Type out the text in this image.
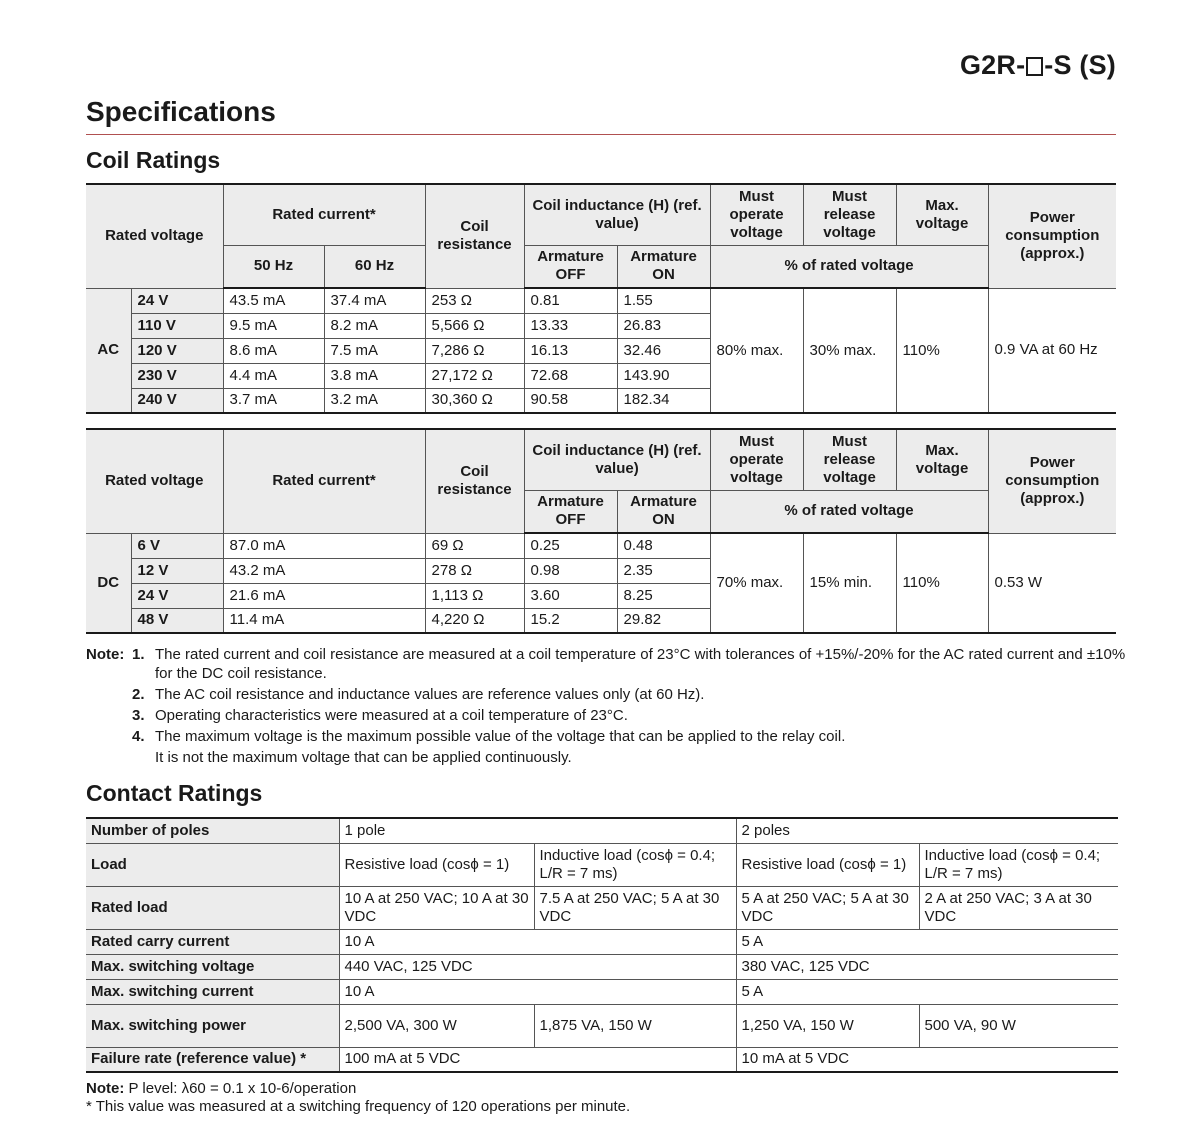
G2R- -S (S)
Specifications
Coil Ratings
Rated voltage		Rated current*		Coil resistance	Coil inductance (H) (ref. value)		Must operate voltage	Must release voltage	Max. voltage	Power consumption (approx.)
		50 Hz	60 Hz		Armature OFF	Armature ON	% of rated voltage			
AC	24 V	43.5 mA	37.4 mA	253 Ω	0.81	1.55	80% max.	30% max.	110%	0.9 VA at 60 Hz
	110 V	9.5 mA	8.2 mA	5,566 Ω	13.33	26.83				
	120 V	8.6 mA	7.5 mA	7,286 Ω	16.13	32.46				
	230 V	4.4 mA	3.8 mA	27,172 Ω	72.68	143.90				
	240 V	3.7 mA	3.2 mA	30,360 Ω	90.58	182.34				
Rated voltage		Rated current*	Coil resistance	Coil inductance (H) (ref. value)		Must operate voltage	Must release voltage	Max. voltage	Power consumption (approx.)
				Armature OFF	Armature ON	% of rated voltage			
DC	6 V	87.0 mA	69 Ω	0.25	0.48	70% max.	15% min.	110%	0.53 W
	12 V	43.2 mA	278 Ω	0.98	2.35				
	24 V	21.6 mA	1,113 Ω	3.60	8.25				
	48 V	11.4 mA	4,220 Ω	15.2	29.82				
Note: 1. The rated current and coil resistance are measured at a coil temperature of 23°C with tolerances of +15%/-20% for the AC rated current and ±10% for the DC coil resistance.
2. The AC coil resistance and inductance values are reference values only (at 60 Hz).
3. Operating characteristics were measured at a coil temperature of 23°C.
4. The maximum voltage is the maximum possible value of the voltage that can be applied to the relay coil.
It is not the maximum voltage that can be applied continuously.
Contact Ratings
Number of poles	1 pole		2 poles	
Load	Resistive load (cosϕ = 1)	Inductive load (cosϕ = 0.4; L/R = 7 ms)	Resistive load (cosϕ = 1)	Inductive load (cosϕ = 0.4; L/R = 7 ms)
Rated load	10 A at 250 VAC; 10 A at 30 VDC	7.5 A at 250 VAC; 5 A at 30 VDC	5 A at 250 VAC; 5 A at 30 VDC	2 A at 250 VAC; 3 A at 30 VDC
Rated carry current	10 A		5 A	
Max. switching voltage	440 VAC, 125 VDC		380 VAC, 125 VDC	
Max. switching current	10 A		5 A	
Max. switching power	2,500 VA, 300 W	1,875 VA, 150 W	1,250 VA, 150 W	500 VA, 90 W
Failure rate (reference value) *	100 mA at 5 VDC		10 mA at 5 VDC	
Note: P level: λ60 = 0.1 x 10-6/operation
* This value was measured at a switching frequency of 120 operations per minute.
